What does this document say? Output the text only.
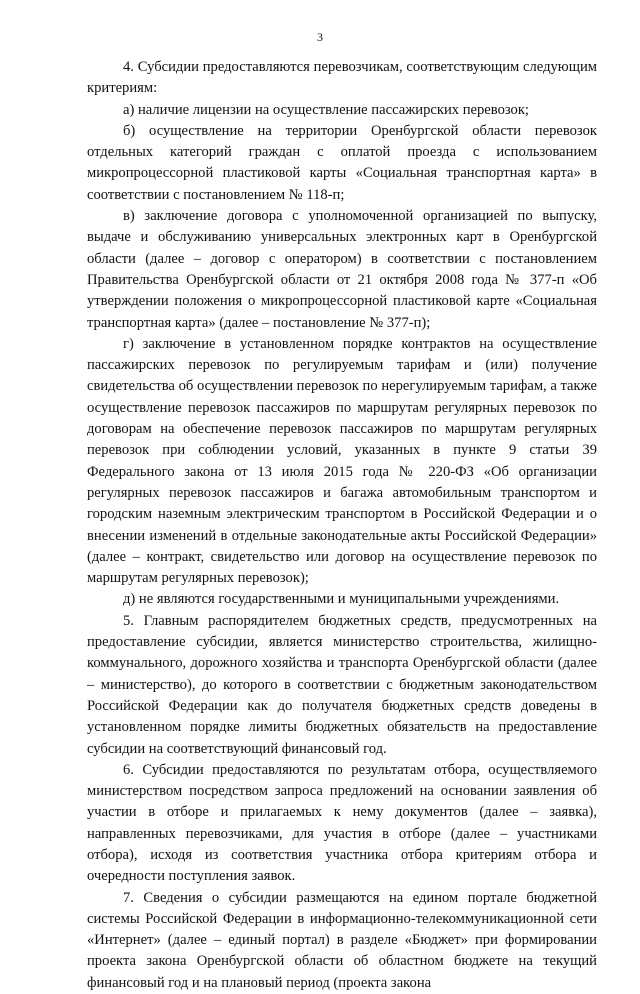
3

4. Субсидии предоставляются перевозчикам, соответствующим следующим критериям:

а) наличие лицензии на осуществление пассажирских перевозок;

б) осуществление на территории Оренбургской области перевозок отдельных категорий граждан с оплатой проезда с использованием микропроцессорной пластиковой карты «Социальная транспортная карта» в соответствии с постановлением № 118-п;

в) заключение договора с уполномоченной организацией по выпуску, выдаче и обслуживанию универсальных электронных карт в Оренбургской области (далее – договор с оператором) в соответствии с постановлением Правительства Оренбургской области от 21 октября 2008 года № 377-п «Об утверждении положения о микропроцессорной пластиковой карте «Социальная транспортная карта» (далее – постановление № 377-п);

г) заключение в установленном порядке контрактов на осуществление пассажирских перевозок по регулируемым тарифам и (или) получение свидетельства об осуществлении перевозок по нерегулируемым тарифам, а также осуществление перевозок пассажиров по маршрутам регулярных перевозок по договорам на обеспечение перевозок пассажиров по маршрутам регулярных перевозок при соблюдении условий, указанных в пункте 9 статьи 39 Федерального закона от 13 июля 2015 года № 220-ФЗ «Об организации регулярных перевозок пассажиров и багажа автомобильным транспортом и городским наземным электрическим транспортом в Российской Федерации и о внесении изменений в отдельные законодательные акты Российской Федерации» (далее – контракт, свидетельство или договор на осуществление перевозок по маршрутам регулярных перевозок);

д) не являются государственными и муниципальными учреждениями.

5. Главным распорядителем бюджетных средств, предусмотренных на предоставление субсидии, является министерство строительства, жилищно-коммунального, дорожного хозяйства и транспорта Оренбургской области (далее – министерство), до которого в соответствии с бюджетным законодательством Российской Федерации как до получателя бюджетных средств доведены в установленном порядке лимиты бюджетных обязательств на предоставление субсидии на соответствующий финансовый год.

6. Субсидии предоставляются по результатам отбора, осуществляемого министерством посредством запроса предложений на основании заявления об участии в отборе и прилагаемых к нему документов (далее – заявка), направленных перевозчиками, для участия в отборе (далее – участниками отбора), исходя из соответствия участника отбора критериям отбора и очередности поступления заявок.

7. Сведения о субсидии размещаются на едином портале бюджетной системы Российской Федерации в информационно-телекоммуникационной сети «Интернет» (далее – единый портал) в разделе «Бюджет» при формировании проекта закона Оренбургской области об областном бюджете на текущий финансовый год и на плановый период (проекта закона
